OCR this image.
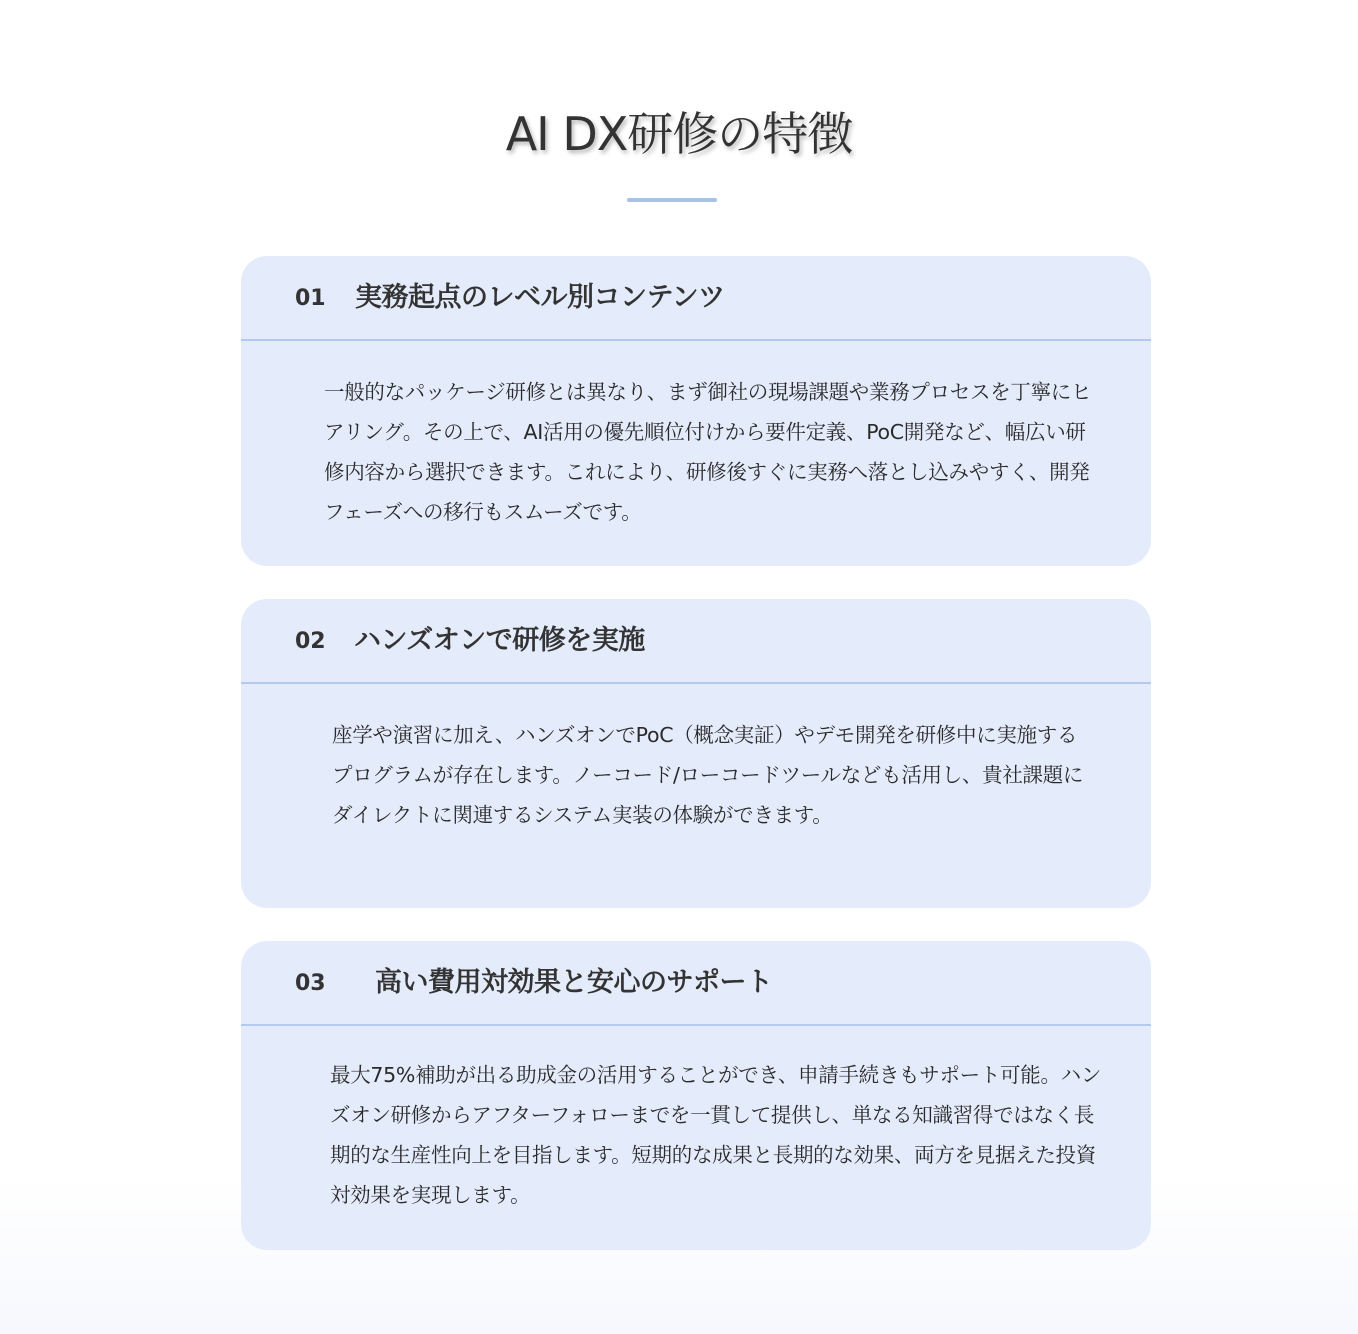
AI DX研修の特徴
01 実務起点のレベル別コンテンツ

一般的なパッケージ研修とは異なり、まず御社の現場課題や業務プロセスを丁寧にヒアリング。その上で、AI活用の優先順位付けから要件定義、PoC開発など、幅広い研修内容から選択できます。これにより、研修後すぐに実務へ落とし込みやすく、開発フェーズへの移行もスムーズです。

02 ハンズオンで研修を実施

座学や演習に加え、ハンズオンでPoC（概念実証）やデモ開発を研修中に実施するプログラムが存在します。ノーコード/ローコードツールなども活用し、貴社課題にダイレクトに関連するシステム実装の体験ができます。

03 高い費用対効果と安心のサポート

最大75%補助が出る助成金の活用することができ、申請手続きもサポート可能。ハンズオン研修からアフターフォローまでを一貫して提供し、単なる知識習得ではなく長期的な生産性向上を目指します。短期的な成果と長期的な効果、両方を見据えた投資対効果を実現します。
